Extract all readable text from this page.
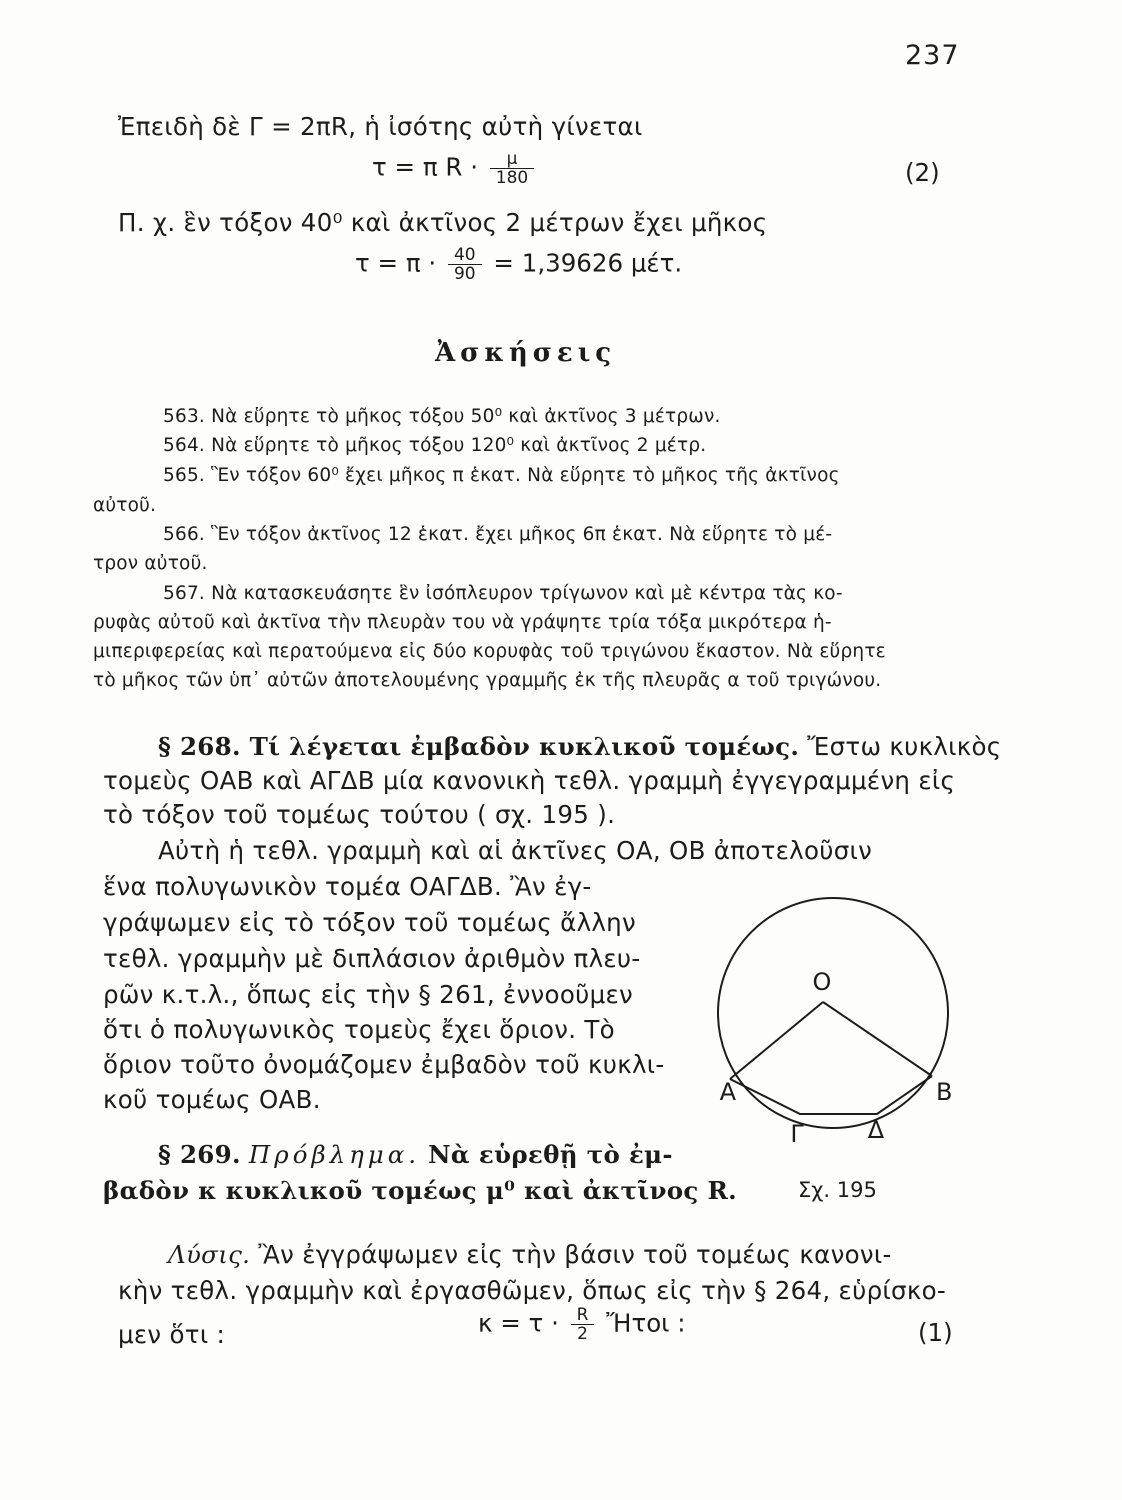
237
Ἐπειδὴ δὲ Γ = 2πR, ἡ ἰσότης αὐτὴ γίνεται
τ = π $R \cdot \frac{\mu}{180}$	(2)
Π. χ. ἓν τόξον 40⁰ καὶ ἀκτῖνος 2 μέτρων ἔχει μῆκος
$\tau = \pi \cdot \frac{40}{90} = 1,39626$ μέτ.
Ἀσκήσεις
563. Νὰ εὕρητε τὸ μῆκος τόξου 50⁰ καὶ ἀκτῖνος 3 μέτρων.
564. Νὰ εὕρητε τὸ μῆκος τόξου 120⁰ καὶ ἀκτῖνος 2 μέτρ.
565. Ἓν τόξον 60⁰ ἔχει μῆκος π ἑκατ. Νὰ εὕρητε τὸ μῆκος τῆς ἀκτῖνος
αὐτοῦ.
566. Ἓν τόξον ἀκτῖνος 12 ἑκατ. ἔχει μῆκος 6π ἑκατ. Νὰ εὕρητε τὸ μέ-
τρον αὐτοῦ.
567. Νὰ κατασκευάσητε ἓν ἰσόπλευρον τρίγωνον καὶ μὲ κέντρα τὰς κο-
ρυφὰς αὐτοῦ καὶ ἀκτῖνα τὴν πλευρὰν του νὰ γράψητε τρία τόξα μικρότερα ἡ-
μιπεριφερείας καὶ περατούμενα εἰς δύο κορυφὰς τοῦ τριγώνου ἕκαστον. Νὰ εὕρητε
τὸ μῆκος τῶν ὑπ᾽ αὐτῶν ἀποτελουμένης γραμμῆς ἐκ τῆς πλευρᾶς α τοῦ τριγώνου.
§ 268. Τί λέγεται ἐμβαδὸν κυκλικοῦ τομέως. Ἔστω κυκλικὸς
τομεὺς ΟΑΒ καὶ ΑΓΔΒ μία κανονικὴ τεθλ. γραμμὴ ἐγγεγραμμένη εἰς
τὸ τόξον τοῦ τομέως τούτου ( σχ. 195 ).
Αὐτὴ ἡ τεθλ. γραμμὴ καὶ αἱ ἀκτῖνες ΟΑ, ΟΒ ἀποτελοῦσιν
ἕνα πολυγωνικὸν τομέα ΟΑΓΔΒ. Ἂν ἐγ-
γράψωμεν εἰς τὸ τόξον τοῦ τομέως ἄλλην
τεθλ. γραμμὴν μὲ διπλάσιον ἀριθμὸν πλευ-
ρῶν κ.τ.λ., ὅπως εἰς τὴν § 261, ἐννοοῦμεν
ὅτι ὁ πολυγωνικὸς τομεὺς ἔχει ὅριον. Τὸ
ὅριον τοῦτο ὀνομάζομεν ἐμβαδὸν τοῦ κυκλι-
κοῦ τομέως ΟΑΒ.
§ 269. Πρόβλημα. Νὰ εὑρεθῇ τὸ ἐμ-
βαδὸν κ κυκλικοῦ τομέως μ⁰ καὶ ἀκτῖνος R.
O
A	B
Γ	Δ
Σχ. 195
Λύσις. Ἂν ἐγγράψωμεν εἰς τὴν βάσιν τοῦ τομέως κανονι-
κὴν τεθλ. γραμμὴν καὶ ἐργασθῶμεν, ὅπως εἰς τὴν § 264, εὑρίσκο-
μεν ὅτι :	$\kappa = \tau \cdot \frac{R}{2}$ Ἤτοι :	(1)
